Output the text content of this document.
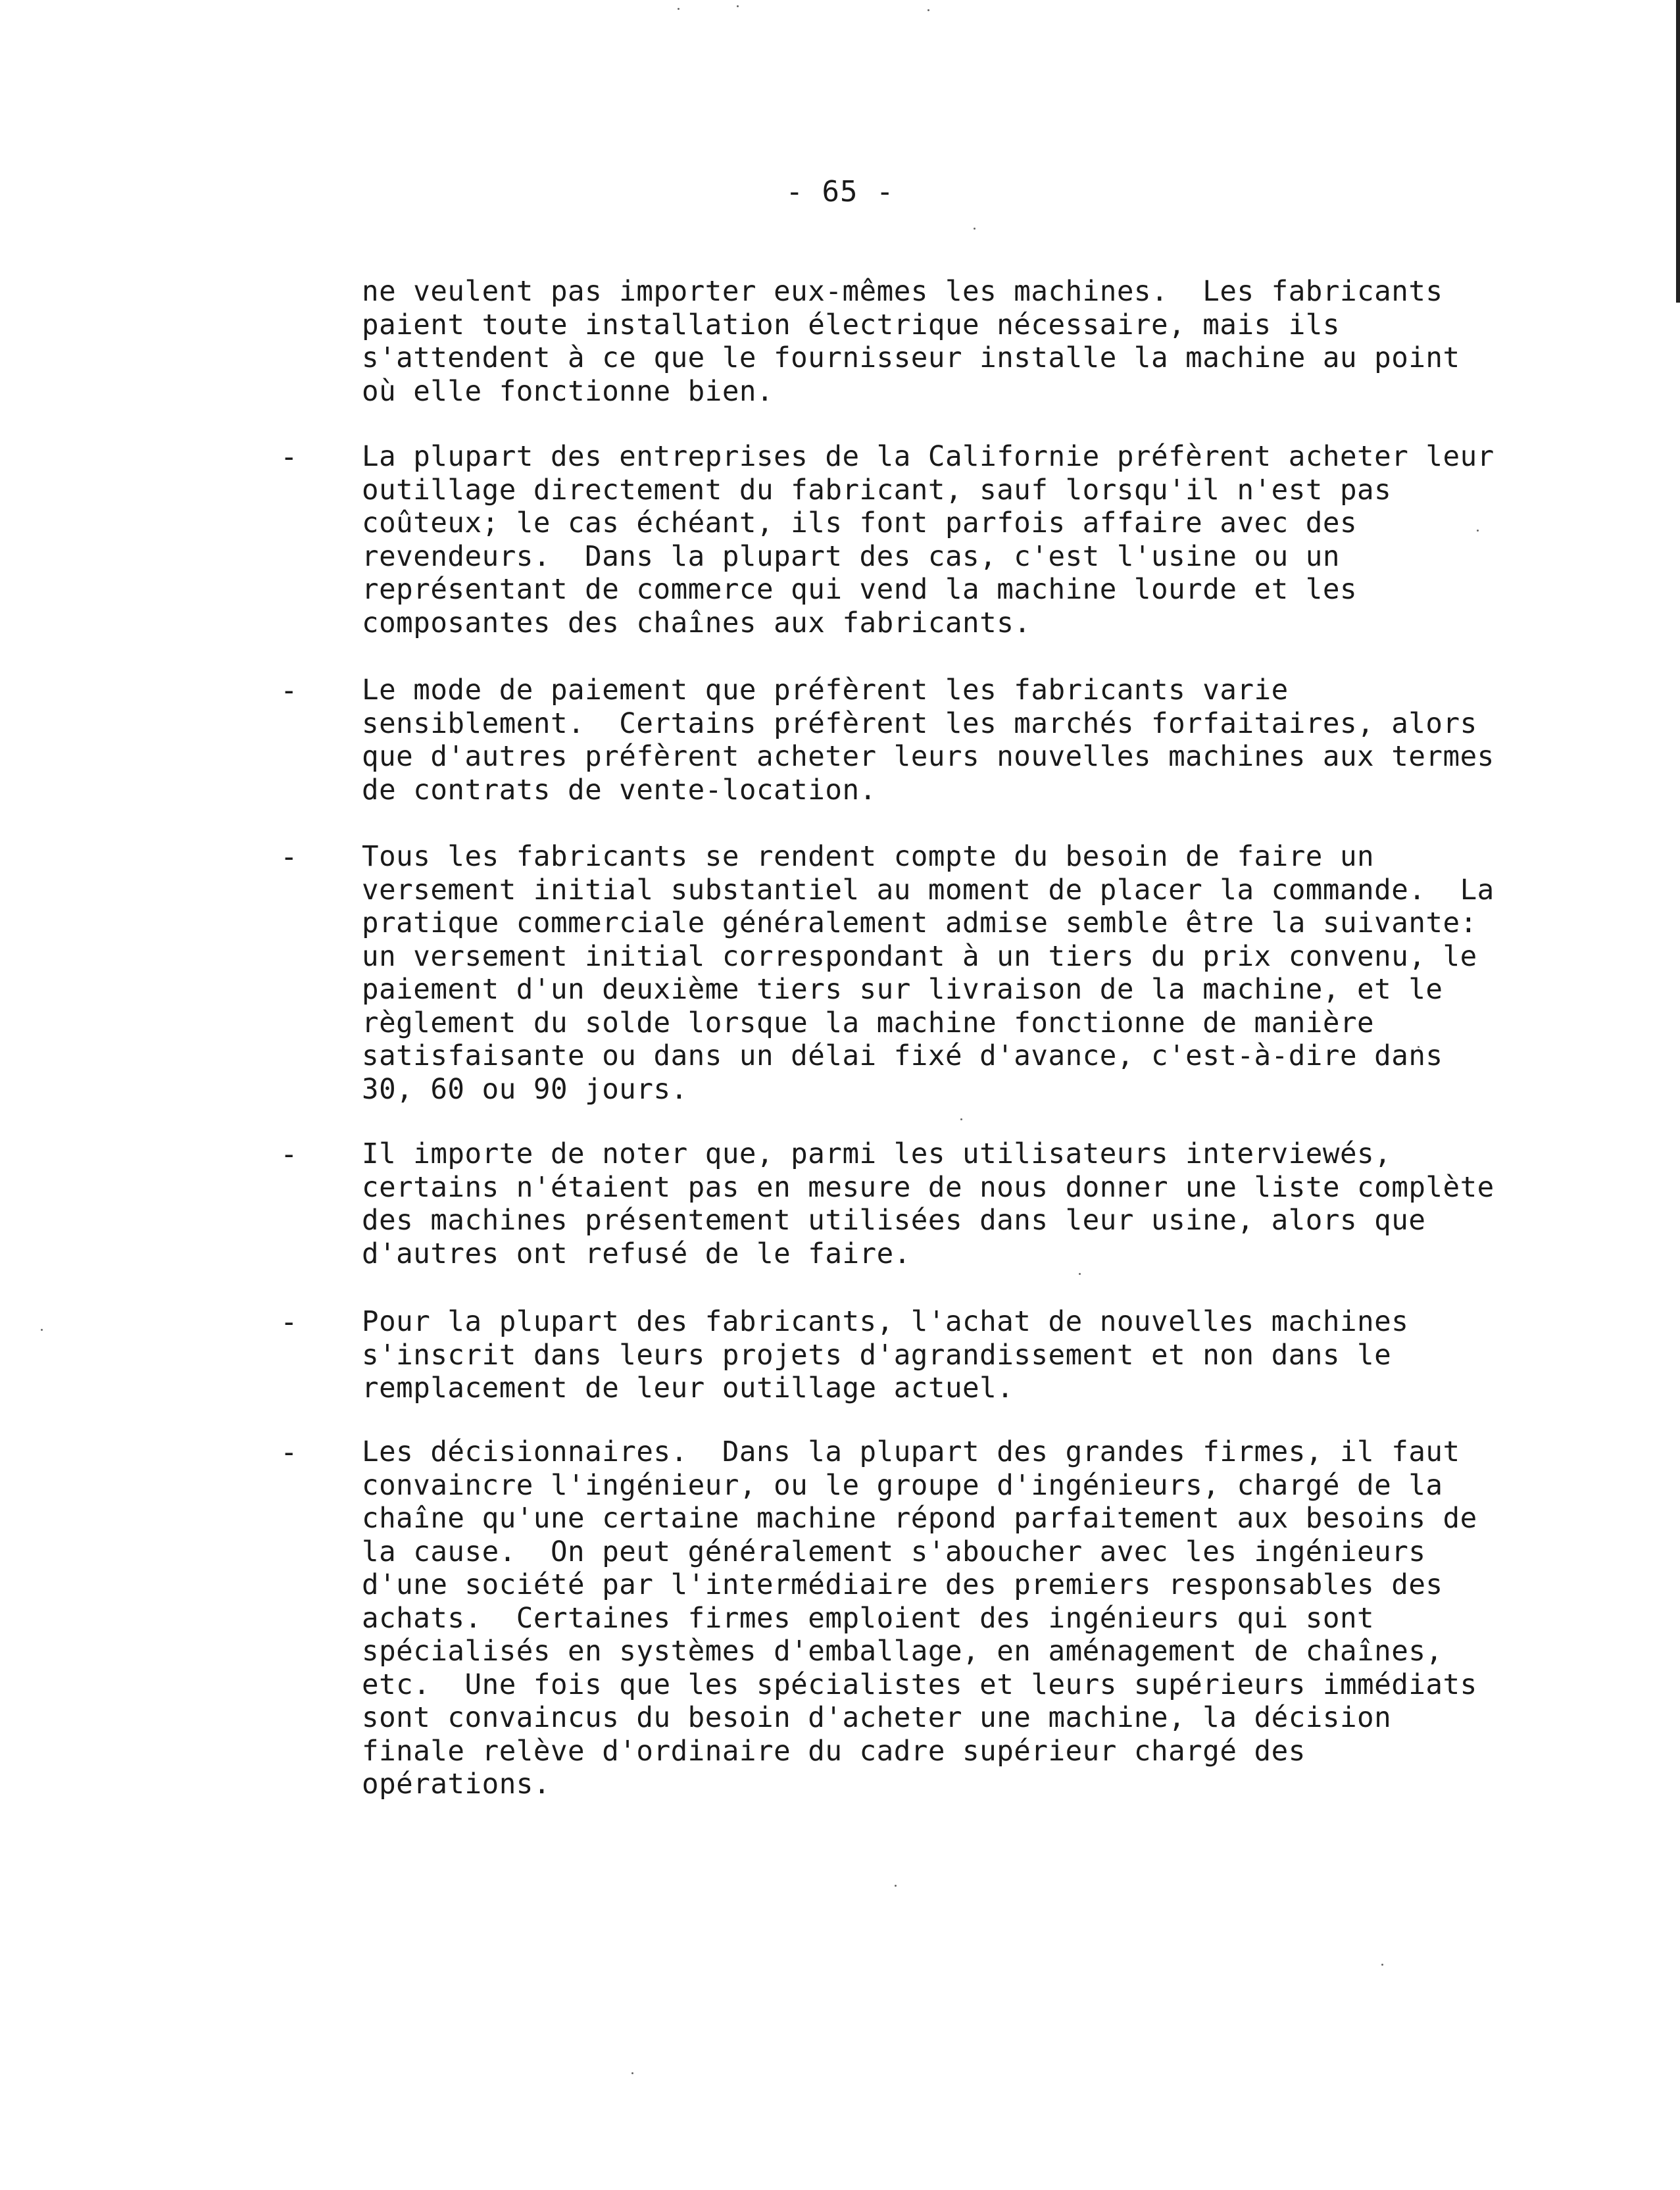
- 65 -
ne veulent pas importer eux-mêmes les machines.  Les fabricants
paient toute installation électrique nécessaire, mais ils
s'attendent à ce que le fournisseur installe la machine au point
où elle fonctionne bien.
- La plupart des entreprises de la Californie préfèrent acheter leur
outillage directement du fabricant, sauf lorsqu'il n'est pas
coûteux; le cas échéant, ils font parfois affaire avec des
revendeurs.  Dans la plupart des cas, c'est l'usine ou un
représentant de commerce qui vend la machine lourde et les
composantes des chaînes aux fabricants.
- Le mode de paiement que préfèrent les fabricants varie
sensiblement.  Certains préfèrent les marchés forfaitaires, alors
que d'autres préfèrent acheter leurs nouvelles machines aux termes
de contrats de vente-location.
- Tous les fabricants se rendent compte du besoin de faire un
versement initial substantiel au moment de placer la commande.  La
pratique commerciale généralement admise semble être la suivante:
un versement initial correspondant à un tiers du prix convenu, le
paiement d'un deuxième tiers sur livraison de la machine, et le
règlement du solde lorsque la machine fonctionne de manière
satisfaisante ou dans un délai fixé d'avance, c'est-à-dire dans
30, 60 ou 90 jours.
- Il importe de noter que, parmi les utilisateurs interviewés,
certains n'étaient pas en mesure de nous donner une liste complète
des machines présentement utilisées dans leur usine, alors que
d'autres ont refusé de le faire.
- Pour la plupart des fabricants, l'achat de nouvelles machines
s'inscrit dans leurs projets d'agrandissement et non dans le
remplacement de leur outillage actuel.
- Les décisionnaires.  Dans la plupart des grandes firmes, il faut
convaincre l'ingénieur, ou le groupe d'ingénieurs, chargé de la
chaîne qu'une certaine machine répond parfaitement aux besoins de
la cause.  On peut généralement s'aboucher avec les ingénieurs
d'une société par l'intermédiaire des premiers responsables des
achats.  Certaines firmes emploient des ingénieurs qui sont
spécialisés en systèmes d'emballage, en aménagement de chaînes,
etc.  Une fois que les spécialistes et leurs supérieurs immédiats
sont convaincus du besoin d'acheter une machine, la décision
finale relève d'ordinaire du cadre supérieur chargé des
opérations.
